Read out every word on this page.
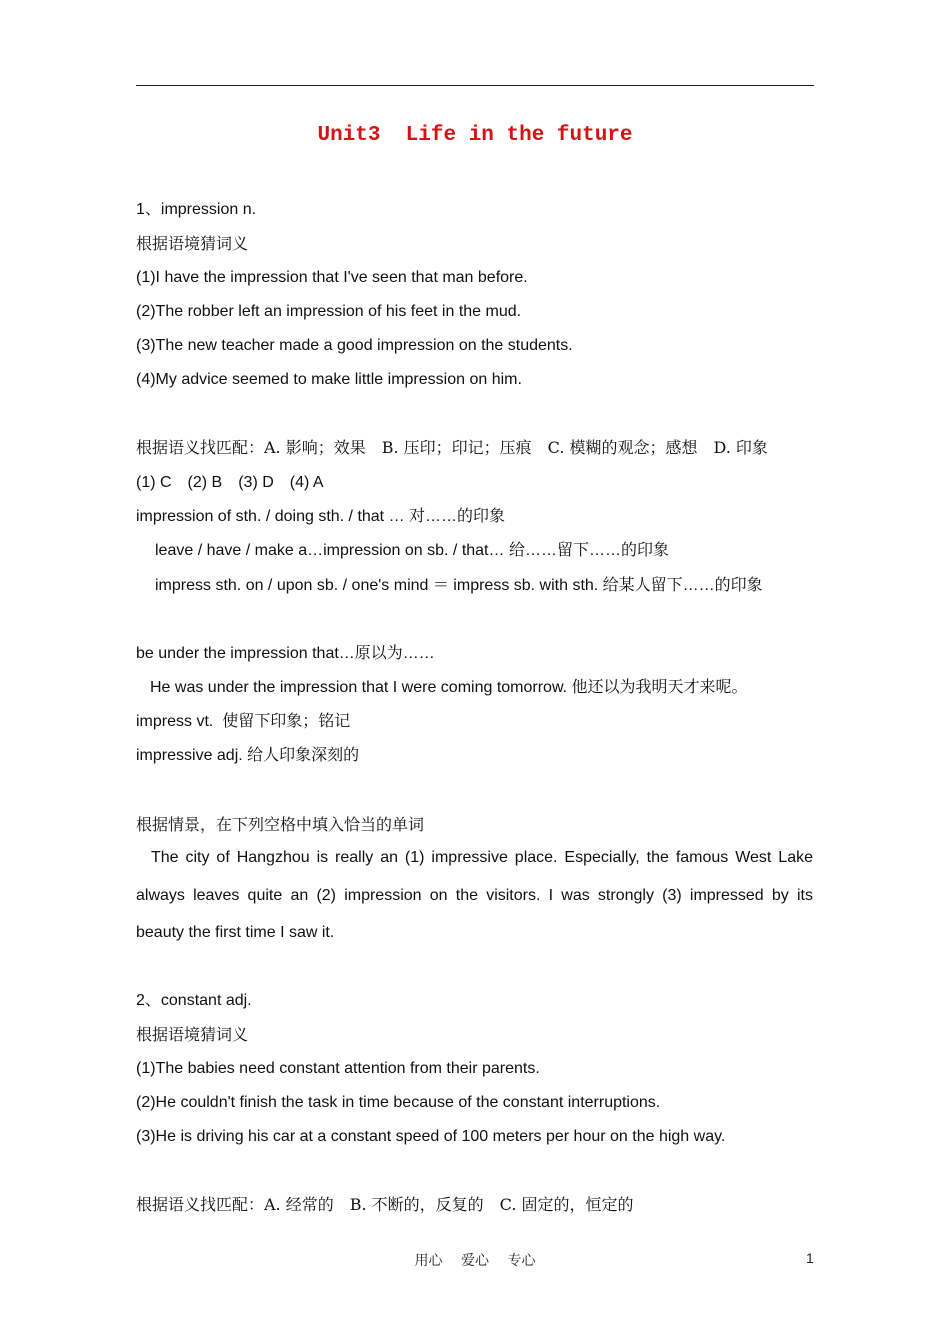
Unit3  Life in the future
1、impression n.
根据语境猜词义
(1)I have the impression that I've seen that man before.
(2)The robber left an impression of his feet in the mud.
(3)The new teacher made a good impression on the students.
(4)My advice seemed to make little impression on him.
根据语义找匹配：A. 影响；效果　B. 压印；印记；压痕　C. 模糊的观念；感想　D. 印象
(1) C　(2) B　(3) D　(4) A
impression of sth. / doing sth. / that … 对……的印象
leave / have / make a…impression on sb. / that… 给……留下……的印象
impress sth. on / upon sb. / one's mind ＝ impress sb. with sth. 给某人留下……的印象
be under the impression that…原以为……
He was under the impression that I were coming tomorrow. 他还以为我明天才来呢。
impress vt.  使留下印象；铭记
impressive adj. 给人印象深刻的
根据情景，在下列空格中填入恰当的单词
The city of Hangzhou is really an (1) impressive place. Especially, the famous West Lake
always leaves quite an (2) impression on the visitors. I was strongly (3) impressed by its
beauty the first time I saw it.
2、constant adj.
根据语境猜词义
(1)The babies need constant attention from their parents.
(2)He couldn't finish the task in time because of the constant interruptions.
(3)He is driving his car at a constant speed of 100 meters per hour on the high way.
根据语义找匹配：A. 经常的　B. 不断的，反复的　C. 固定的，恒定的
用心　 爱心　 专心	1
